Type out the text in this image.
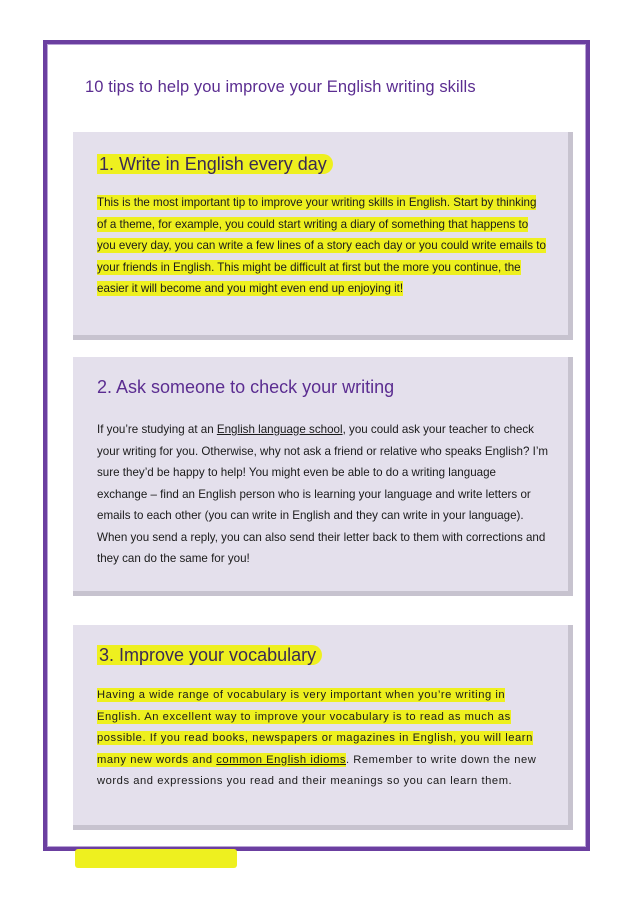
10 tips to help you improve your English writing skills
1. Write in English every day
This is the most important tip to improve your writing skills in English. Start by thinking of a theme, for example, you could start writing a diary of something that happens to you every day, you can write a few lines of a story each day or you could write emails to your friends in English. This might be difficult at first but the more you continue, the easier it will become and you might even end up enjoying it!
2. Ask someone to check your writing
If you’re studying at an English language school, you could ask your teacher to check your writing for you. Otherwise, why not ask a friend or relative who speaks English? I’m sure they’d be happy to help! You might even be able to do a writing language exchange – find an English person who is learning your language and write letters or emails to each other (you can write in English and they can write in your language). When you send a reply, you can also send their letter back to them with corrections and they can do the same for you!
3. Improve your vocabulary
Having a wide range of vocabulary is very important when you’re writing in English. An excellent way to improve your vocabulary is to read as much as possible. If you read books, newspapers or magazines in English, you will learn many new words and common English idioms. Remember to write down the new words and expressions you read and their meanings so you can learn them.
